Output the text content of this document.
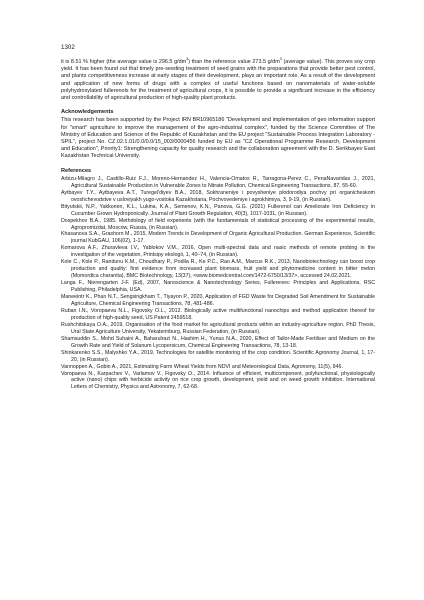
1302

it is 8.51 % higher (the average value is 296.5 $g/dm^3$) than the reference value 273.5 $g/dm^3$ (average value). This proves soy crop yield. It has been found out that timely pre-seeding treatment of seed grains with the preparations that provide better pest control, and plants competitiveness increase at early stages of their development, plays an important role. As a result of the development and application of new forms of drugs with a complex of useful functions based on nanomaterials of water-soluble polyhydroxylated fullerenols for the treatment of agricultural crops, it is possible to provide a significant increase in the efficiency and controllability of agricultural production of high-quality plant products.

Acknowledgements

This research has been supported by the Project IRN BR10965186 "Development and implementation of geo information support for "smart" agriculture to improve the management of the agro-industrial complex", funded by the Science Committee of The Ministry of Education and Science of the Republic of Kazakhstan and the EU project "Sustainable Process Integration Laboratory -SPIL", project No. CZ.02.1.01/0.0/0.0/15_003/0000456 funded by EU as "CZ Operational Programme Research, Development and Education", Priority1: Strengthening capacity for quality research and the collaboration agreement with the D. Serikbayev East Kazakhstan Technical University.

References
Arbizu-Milagro J., Castillo-Ruiz F.J., Moreno-Hernandez H., Valencia-Omatos R., Tarragona-Perez C., PenaNavaridas J., 2021, Agricultural Sustainable Production in Vulnerable Zones to Nitrate Pollution, Chemical Engineering Transactions, 87, 55-60.
Aytbayev T.Y., Aytbayeva A.T., Turegel'diyev B.A., 2018, Sokhraneniye i povysheniye plodorodiya pochvy pri organicheskom ovoshchevodstve v usloviyakh yugo-vostoka Kazakhstana, Pochvovedeniye i agrokhimiya, 3, 9-19, (in Russian).
Bityutskii, N.P., Yakkonen, K.L., Lukina, K.A., Semenov, K.N., Panova, G.G. (2021) Fullerenol can Ameliorate Iron Deficiency in Cucumber Grown Hydroponically. Journal of Plant Growth Regulation, 40(3), 1017-1031, (in Russian).
Dospekhov B.A., 1985. Methdology of field experients (with the fundamentals of statistical processing of the experimental results, Agropromizdat, Moscow, Russia, (in Russian).
Khasanova S.A., Grashorn M., 2015, Modern Trends in Development of Organic Agricultural Production. German Experience, Scientific journal KubGAU, 106(02), 1-17.
Komarova A.F., Zhuravleva I.V., Yablokov V.M., 2016, Open multi-spectral data and nasic methods of remote probing in the investigation of the vegetation, Printsipy ekologii, 1, 40–74, (in Russian).
Kole C., Kole P., Randunu K.M., Choudhary P., Podila R., Ke P.C., Rao A.M., Marcus R.K., 2013, Nanobiotechnology can boost crop production and quality: first evidence from increased plant biomass, fruit yield and phytomedicine content in bitter melon (Momordica charantia), BMC Biotechnology, 13(37), <www.biomedcentral.com/1472-6750/13/37>, accessed 24.02.2021.
Langa F., Nierengarten J-F. (Ed), 2007, Nanoscience & Nanotechnology Series, Fullerenes: Principles and Applications, RSC Publishing, Philadelphia, USA.
Maneeintr K., Phan N.T., Sengsingkham T., Tiyayon P., 2020, Application of FGD Waste for Degraded Soil Amendment for Sustainable Agriculture, Chemical Engineering Transactions, 78, 481-486.
Ruban I.N., Voropaeva N.L., Figovsky O.L., 2012. Biologically active multifunctional nanochips and method application thereof for production of high-quality seed, US Patent 2459518.
Rushchitskaya O.A., 2019, Organisation of the food market for agricultural products within an industry-agriculture region. PhD Thesis, Ural State Agriculture University, Yekaterinburg, Russian Federation, (in Russian).
Shamsuddin S., Mohd Suhaini A., Baharulrazi N., Hashim H., Yunus N.A., 2020, Effect of Tailor-Made Fertiliser and Medium on the Growth Rate and Yield of Solanum Lycopersicum, Chemical Engineering Transactions, 78, 13-18.
Shinkarenko S.S., Malyshko Y.A., 2019, Technologies for satellite monitoring of the crop condition. Scientific Agronomy Journal, 1, 17-20, (in Russian).
Vannoppen A., Gobin A., 2021, Estimating Farm Wheat Yields from NDVI and Meteorological Data, Agronomy, 11(5), 946.
Voropaeva N., Karpachev V., Varlamov V., Figovsky O., 2014. Influence of efficient, multicomponent, polyfunctional, physiologically active (nano) chips with herbicide activity on rice crop growth, development, yield and on weed growth inhibition. International Letters of Chemistry, Physics and Astronomy, 7, 62-68.
